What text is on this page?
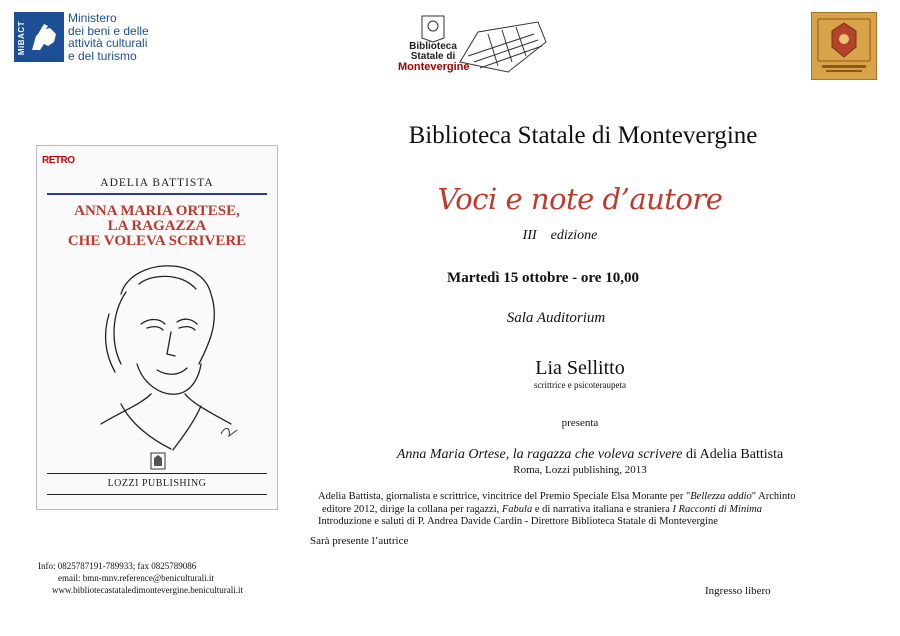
MiBACT
Ministero
dei beni e delle
attività culturali
e del turismo
Biblioteca
Statale di
Montevergine
RETRO
ADELIA BATTISTA
ANNA MARIA ORTESE,
LA RAGAZZA
CHE VOLEVA SCRIVERE
LOZZI PUBLISHING
Biblioteca Statale di Montevergine
Voci e note d’autore
III    edizione
Martedì 15 ottobre - ore 10,00
Sala Auditorium
Lia Sellitto
scrittrice e psicoteraupeta
presenta
Anna Maria Ortese, la ragazza che voleva scrivere di Adelia Battista
Roma, Lozzi publishing, 2013
Adelia Battista, giornalista e scrittrice, vincitrice del Premio Speciale Elsa Morante per "Bellezza addio" Archinto
editore 2012, dirige la collana per ragazzi, Fabula e di narrativa italiana e straniera I Racconti di Minima
Introduzione e saluti di P. Andrea Davide Cardin - Direttore Biblioteca Statale di Montevergine
Sarà presente l’autrice
Info: 0825787191-789933; fax 0825789086
email: bmn-mnv.reference@beniculturali.it
www.bibliotecastataledimontevergine.beniculturali.it	Ingresso libero
